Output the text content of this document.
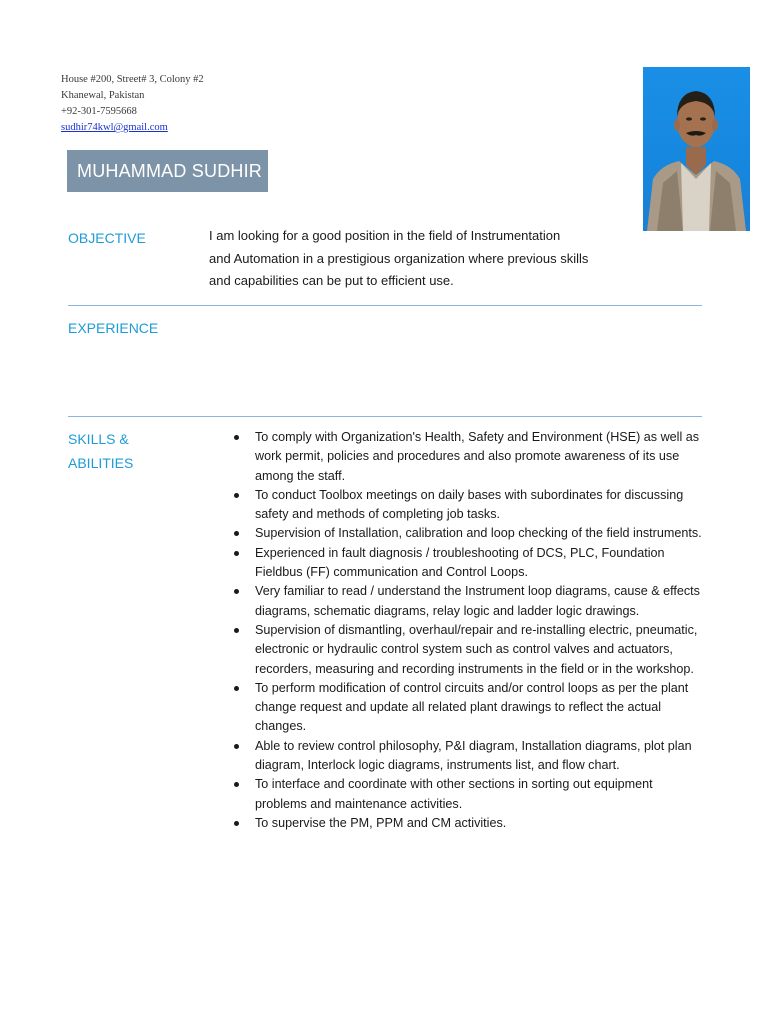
House #200, Street# 3, Colony #2
Khanewal, Pakistan
+92-301-7595668
sudhir74kwl@gmail.com
MUHAMMAD SUDHIR
OBJECTIVE	I am looking for a good position in the field of Instrumentation
and Automation in a prestigious organization where previous skills
and capabilities can be put to efficient use.
EXPERIENCE
SKILLS &
ABILITIES
To comply with Organization's Health, Safety and Environment (HSE) as well as work permit, policies and procedures and also promote awareness of its use among the staff.
To conduct Toolbox meetings on daily bases with subordinates for discussing safety and methods of completing job tasks.
Supervision of Installation, calibration and loop checking of the field instruments.
Experienced in fault diagnosis / troubleshooting of DCS, PLC, Foundation Fieldbus (FF) communication and Control Loops.
Very familiar to read / understand the Instrument loop diagrams, cause & effects diagrams, schematic diagrams, relay logic and ladder logic drawings.
Supervision of dismantling, overhaul/repair and re-installing electric, pneumatic, electronic or hydraulic control system such as control valves and actuators, recorders, measuring and recording instruments in the field or in the workshop.
To perform modification of control circuits and/or control loops as per the plant change request and update all related plant drawings to reflect the actual changes.
Able to review control philosophy, P&I diagram, Installation diagrams, plot plan diagram, Interlock logic diagrams, instruments list, and flow chart.
To interface and coordinate with other sections in sorting out equipment problems and maintenance activities.
To supervise the PM, PPM and CM activities.
